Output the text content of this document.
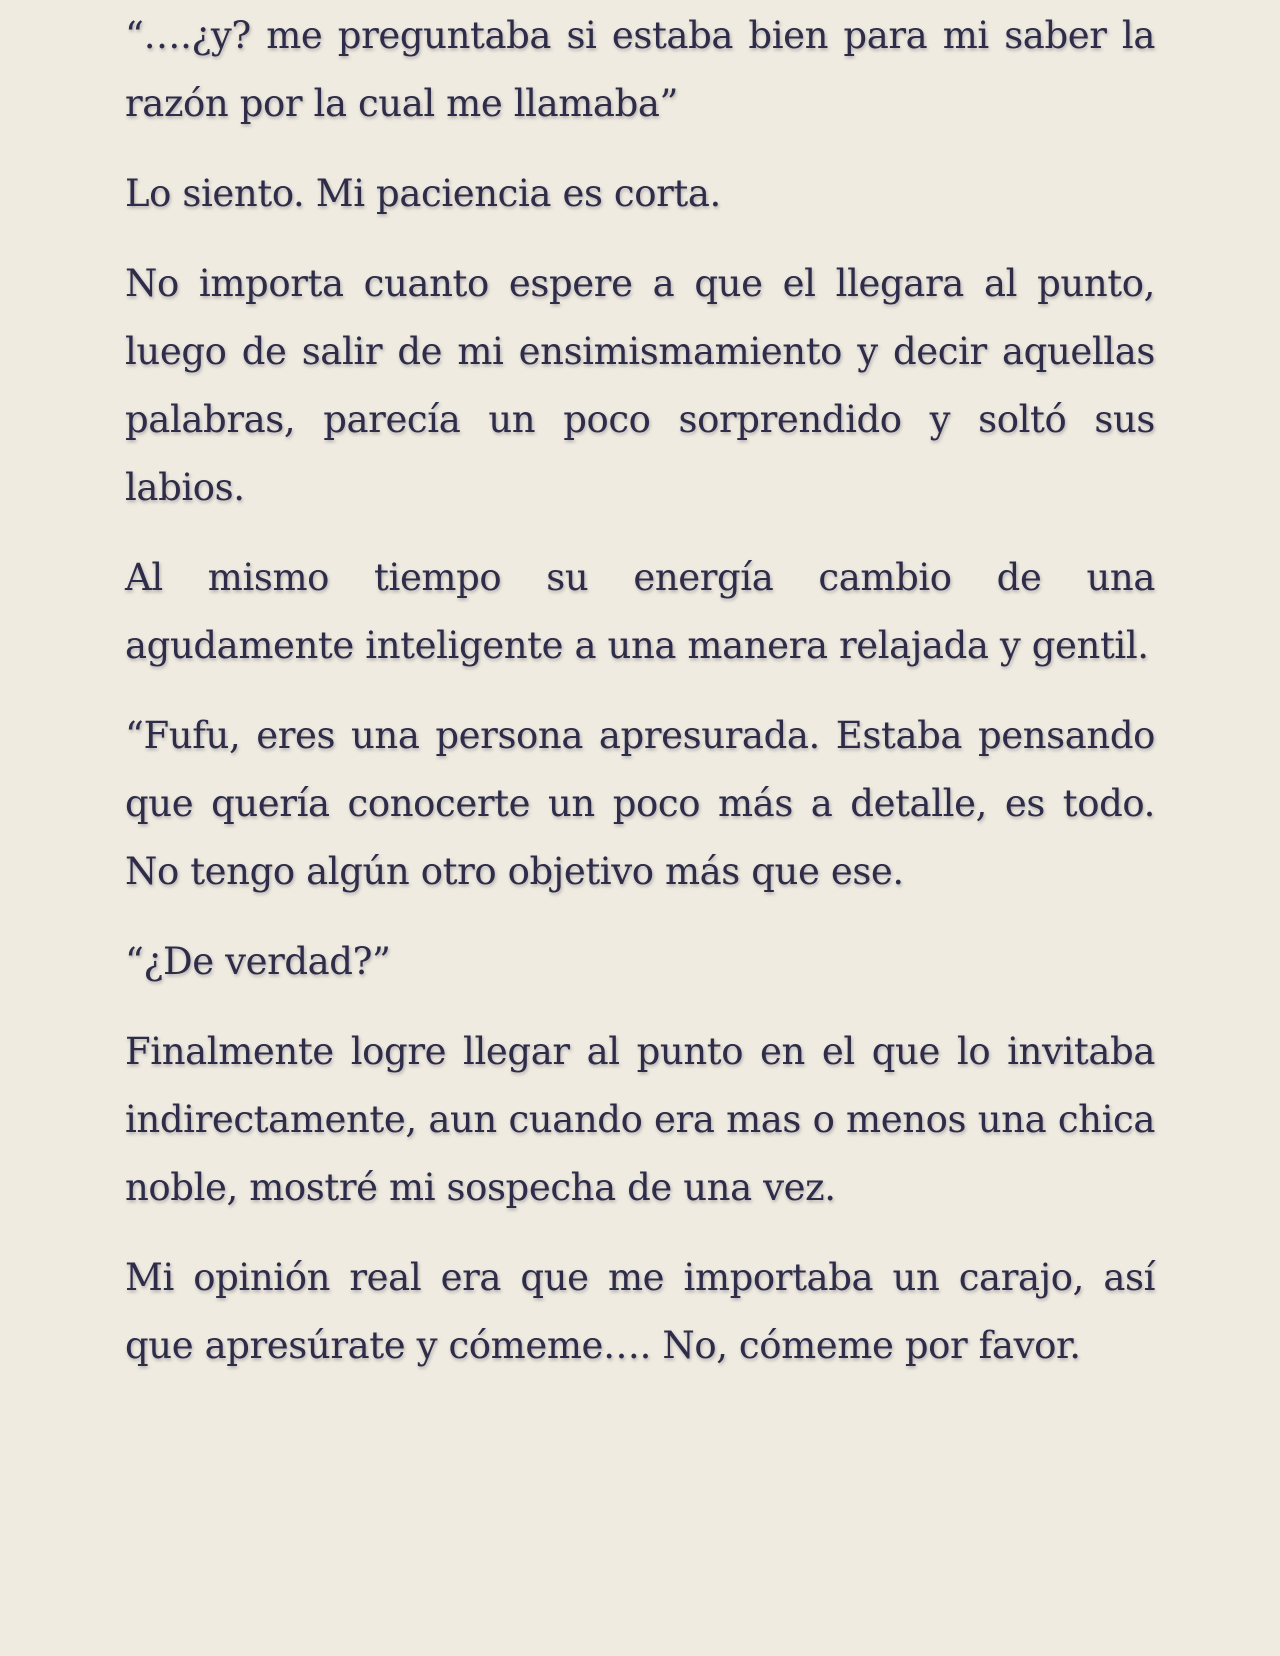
“….¿y? me preguntaba si estaba bien para mi saber la razón por la cual me llamaba”

Lo siento. Mi paciencia es corta.

No importa cuanto espere a que el llegara al punto, luego de salir de mi ensimismamiento y decir aquellas palabras, parecía un poco sorprendido y soltó sus labios.

Al mismo tiempo su energía cambio de una agudamente inteligente a una manera relajada y gentil.

“Fufu, eres una persona apresurada. Estaba pensando que quería conocerte un poco más a detalle, es todo. No tengo algún otro objetivo más que ese.

“¿De verdad?”

Finalmente logre llegar al punto en el que lo invitaba indirectamente, aun cuando era mas o menos una chica noble, mostré mi sospecha de una vez.

Mi opinión real era que me importaba un carajo, así que apresúrate y cómeme…. No, cómeme por favor.
